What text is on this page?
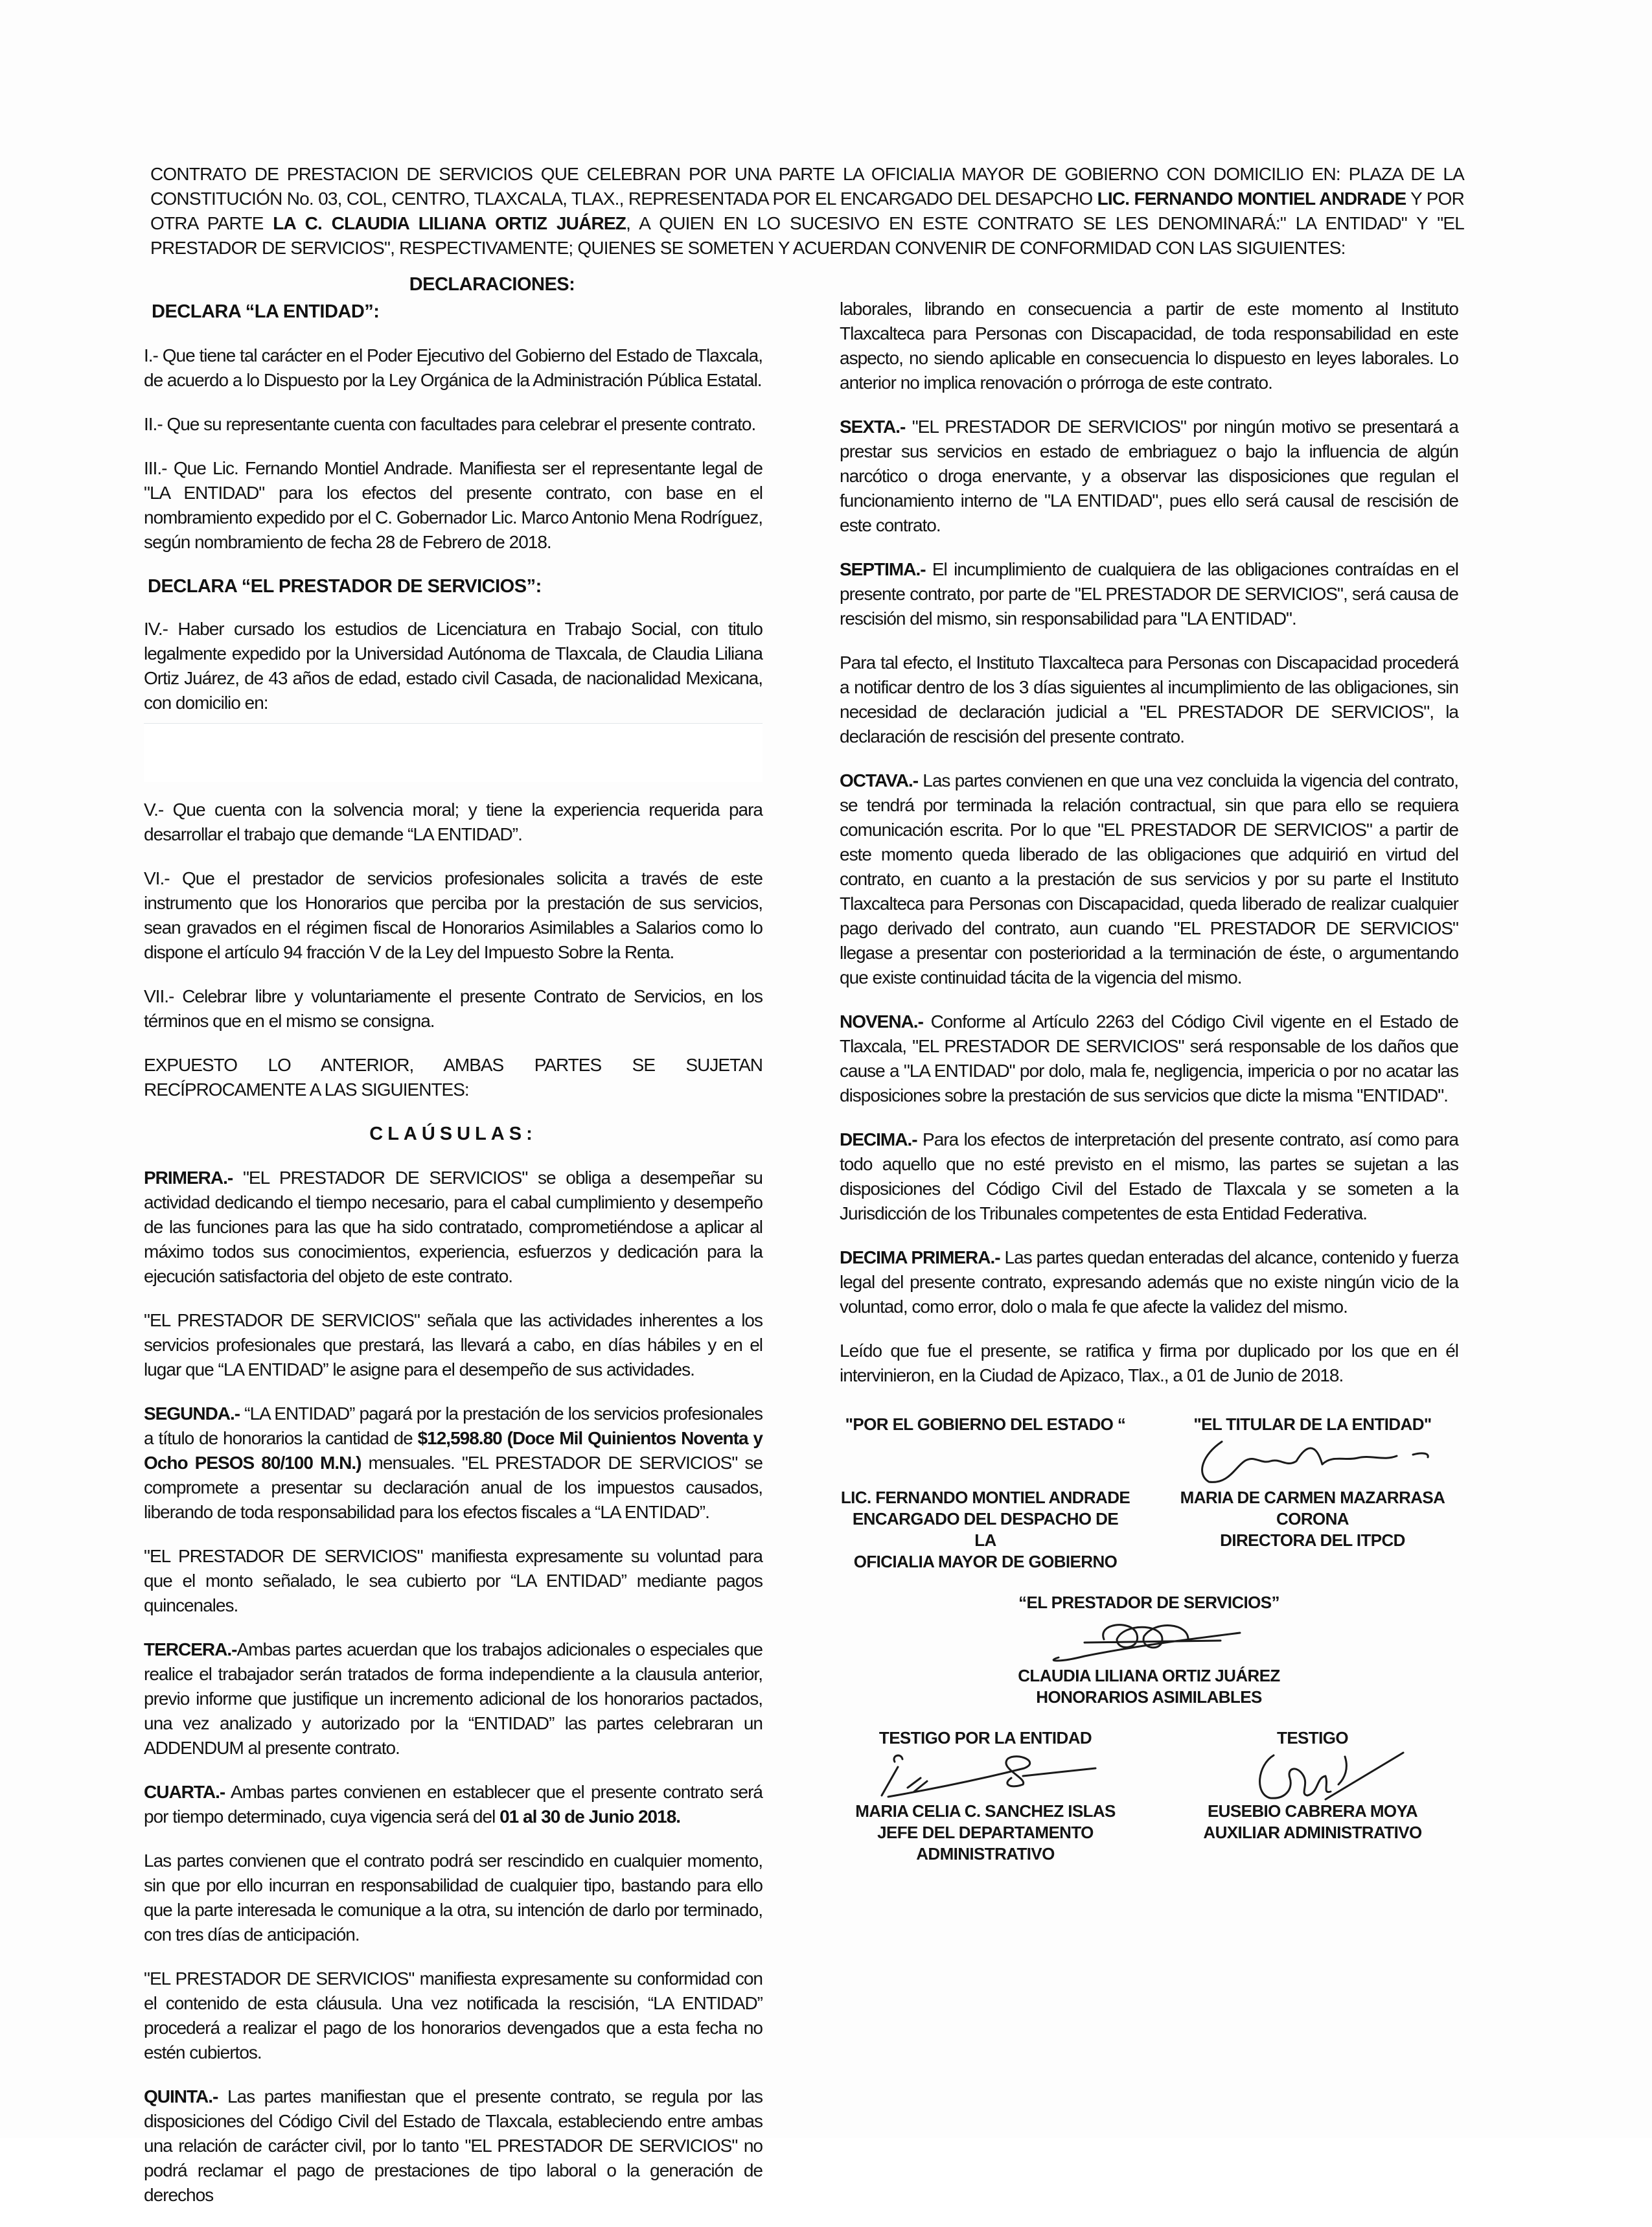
CONTRATO DE PRESTACION DE SERVICIOS QUE CELEBRAN POR UNA PARTE LA OFICIALIA MAYOR DE GOBIERNO CON DOMICILIO EN: PLAZA DE LA CONSTITUCIÓN No. 03, COL, CENTRO, TLAXCALA, TLAX., REPRESENTADA POR EL ENCARGADO DEL DESAPCHO LIC. FERNANDO MONTIEL ANDRADE Y POR OTRA PARTE LA C. CLAUDIA LILIANA ORTIZ JUÁREZ, A QUIEN EN LO SUCESIVO EN ESTE CONTRATO SE LES DENOMINARÁ:" LA ENTIDAD" Y "EL PRESTADOR DE SERVICIOS", RESPECTIVAMENTE; QUIENES SE SOMETEN Y ACUERDAN CONVENIR DE CONFORMIDAD CON LAS SIGUIENTES:
DECLARACIONES:
DECLARA “LA ENTIDAD”:

I.- Que tiene tal carácter en el Poder Ejecutivo del Gobierno del Estado de Tlaxcala, de acuerdo a lo Dispuesto por la Ley Orgánica de la Administración Pública Estatal.

II.- Que su representante cuenta con facultades para celebrar el presente contrato.

III.- Que Lic. Fernando Montiel Andrade. Manifiesta ser el representante legal de "LA ENTIDAD" para los efectos del presente contrato, con base en el nombramiento expedido por el C. Gobernador Lic. Marco Antonio Mena Rodríguez, según nombramiento de fecha 28 de Febrero de 2018.

DECLARA “EL PRESTADOR DE SERVICIOS”:

IV.- Haber cursado los estudios de Licenciatura en Trabajo Social, con titulo legalmente expedido por la Universidad Autónoma de Tlaxcala, de Claudia Liliana Ortiz Juárez, de 43 años de edad, estado civil Casada, de nacionalidad Mexicana, con domicilio en:

V.- Que cuenta con la solvencia moral; y tiene la experiencia requerida para desarrollar el trabajo que demande “LA ENTIDAD”.

VI.- Que el prestador de servicios profesionales solicita a través de este instrumento que los Honorarios que perciba por la prestación de sus servicios, sean gravados en el régimen fiscal de Honorarios Asimilables a Salarios como lo dispone el artículo 94 fracción V de la Ley del Impuesto Sobre la Renta.

VII.- Celebrar libre y voluntariamente el presente Contrato de Servicios, en los términos que en el mismo se consigna.

EXPUESTO LO ANTERIOR, AMBAS PARTES SE SUJETAN RECÍPROCAMENTE A LAS SIGUIENTES:

CLAÚSULAS:

PRIMERA.- "EL PRESTADOR DE SERVICIOS" se obliga a desempeñar su actividad dedicando el tiempo necesario, para el cabal cumplimiento y desempeño de las funciones para las que ha sido contratado, comprometiéndose a aplicar al máximo todos sus conocimientos, experiencia, esfuerzos y dedicación para la ejecución satisfactoria del objeto de este contrato.

"EL PRESTADOR DE SERVICIOS" señala que las actividades inherentes a los servicios profesionales que prestará, las llevará a cabo, en días hábiles y en el lugar que “LA ENTIDAD” le asigne para el desempeño de sus actividades.

SEGUNDA.- “LA ENTIDAD” pagará por la prestación de los servicios profesionales a título de honorarios la cantidad de $12,598.80 (Doce Mil Quinientos Noventa y Ocho PESOS 80/100 M.N.) mensuales. "EL PRESTADOR DE SERVICIOS" se compromete a presentar su declaración anual de los impuestos causados, liberando de toda responsabilidad para los efectos fiscales a “LA ENTIDAD”.

"EL PRESTADOR DE SERVICIOS" manifiesta expresamente su voluntad para que el monto señalado, le sea cubierto por “LA ENTIDAD” mediante pagos quincenales.

TERCERA.-Ambas partes acuerdan que los trabajos adicionales o especiales que realice el trabajador serán tratados de forma independiente a la clausula anterior, previo informe que justifique un incremento adicional de los honorarios pactados, una vez analizado y autorizado por la “ENTIDAD” las partes celebraran un ADDENDUM al presente contrato.

CUARTA.- Ambas partes convienen en establecer que el presente contrato será por tiempo determinado, cuya vigencia será del 01 al 30 de Junio 2018.

Las partes convienen que el contrato podrá ser rescindido en cualquier momento, sin que por ello incurran en responsabilidad de cualquier tipo, bastando para ello que la parte interesada le comunique a la otra, su intención de darlo por terminado, con tres días de anticipación.

"EL PRESTADOR DE SERVICIOS" manifiesta expresamente su conformidad con el contenido de esta cláusula. Una vez notificada la rescisión, “LA ENTIDAD” procederá a realizar el pago de los honorarios devengados que a esta fecha no estén cubiertos.

QUINTA.- Las partes manifiestan que el presente contrato, se regula por las disposiciones del Código Civil del Estado de Tlaxcala, estableciendo entre ambas una relación de carácter civil, por lo tanto "EL PRESTADOR DE SERVICIOS" no podrá reclamar el pago de prestaciones de tipo laboral o la generación de derechos

laborales, librando en consecuencia a partir de este momento al Instituto Tlaxcalteca para Personas con Discapacidad, de toda responsabilidad en este aspecto, no siendo aplicable en consecuencia lo dispuesto en leyes laborales. Lo anterior no implica renovación o prórroga de este contrato.

SEXTA.- "EL PRESTADOR DE SERVICIOS" por ningún motivo se presentará a prestar sus servicios en estado de embriaguez o bajo la influencia de algún narcótico o droga enervante, y a observar las disposiciones que regulan el funcionamiento interno de "LA ENTIDAD", pues ello será causal de rescisión de este contrato.

SEPTIMA.- El incumplimiento de cualquiera de las obligaciones contraídas en el presente contrato, por parte de "EL PRESTADOR DE SERVICIOS", será causa de rescisión del mismo, sin responsabilidad para "LA ENTIDAD".

Para tal efecto, el Instituto Tlaxcalteca para Personas con Discapacidad procederá a notificar dentro de los 3 días siguientes al incumplimiento de las obligaciones, sin necesidad de declaración judicial a "EL PRESTADOR DE SERVICIOS", la declaración de rescisión del presente contrato.

OCTAVA.- Las partes convienen en que una vez concluida la vigencia del contrato, se tendrá por terminada la relación contractual, sin que para ello se requiera comunicación escrita. Por lo que "EL PRESTADOR DE SERVICIOS" a partir de este momento queda liberado de las obligaciones que adquirió en virtud del contrato, en cuanto a la prestación de sus servicios y por su parte el Instituto Tlaxcalteca para Personas con Discapacidad, queda liberado de realizar cualquier pago derivado del contrato, aun cuando "EL PRESTADOR DE SERVICIOS" llegase a presentar con posterioridad a la terminación de éste, o argumentando que existe continuidad tácita de la vigencia del mismo.

NOVENA.- Conforme al Artículo 2263 del Código Civil vigente en el Estado de Tlaxcala, "EL PRESTADOR DE SERVICIOS" será responsable de los daños que cause a "LA ENTIDAD" por dolo, mala fe, negligencia, impericia o por no acatar las disposiciones sobre la prestación de sus servicios que dicte la misma "ENTIDAD".

DECIMA.- Para los efectos de interpretación del presente contrato, así como para todo aquello que no esté previsto en el mismo, las partes se sujetan a las disposiciones del Código Civil del Estado de Tlaxcala y se someten a la Jurisdicción de los Tribunales competentes de esta Entidad Federativa.

DECIMA PRIMERA.- Las partes quedan enteradas del alcance, contenido y fuerza legal del presente contrato, expresando además que no existe ningún vicio de la voluntad, como error, dolo o mala fe que afecte la validez del mismo.

Leído que fue el presente, se ratifica y firma por duplicado por los que en él intervinieron, en la Ciudad de Apizaco, Tlax., a 01 de Junio de 2018.

"POR EL GOBIERNO DEL ESTADO “
LIC. FERNANDO MONTIEL ANDRADE
ENCARGADO DEL DESPACHO DE LA
OFICIALIA MAYOR DE GOBIERNO
"EL TITULAR DE LA ENTIDAD"
MARIA DE CARMEN MAZARRASA
CORONA
DIRECTORA DEL ITPCD
“EL PRESTADOR DE SERVICIOS”
CLAUDIA LILIANA ORTIZ JUÁREZ
HONORARIOS ASIMILABLES
TESTIGO POR LA ENTIDAD
MARIA CELIA C. SANCHEZ ISLAS
JEFE DEL DEPARTAMENTO
ADMINISTRATIVO
TESTIGO
EUSEBIO CABRERA MOYA
AUXILIAR ADMINISTRATIVO
